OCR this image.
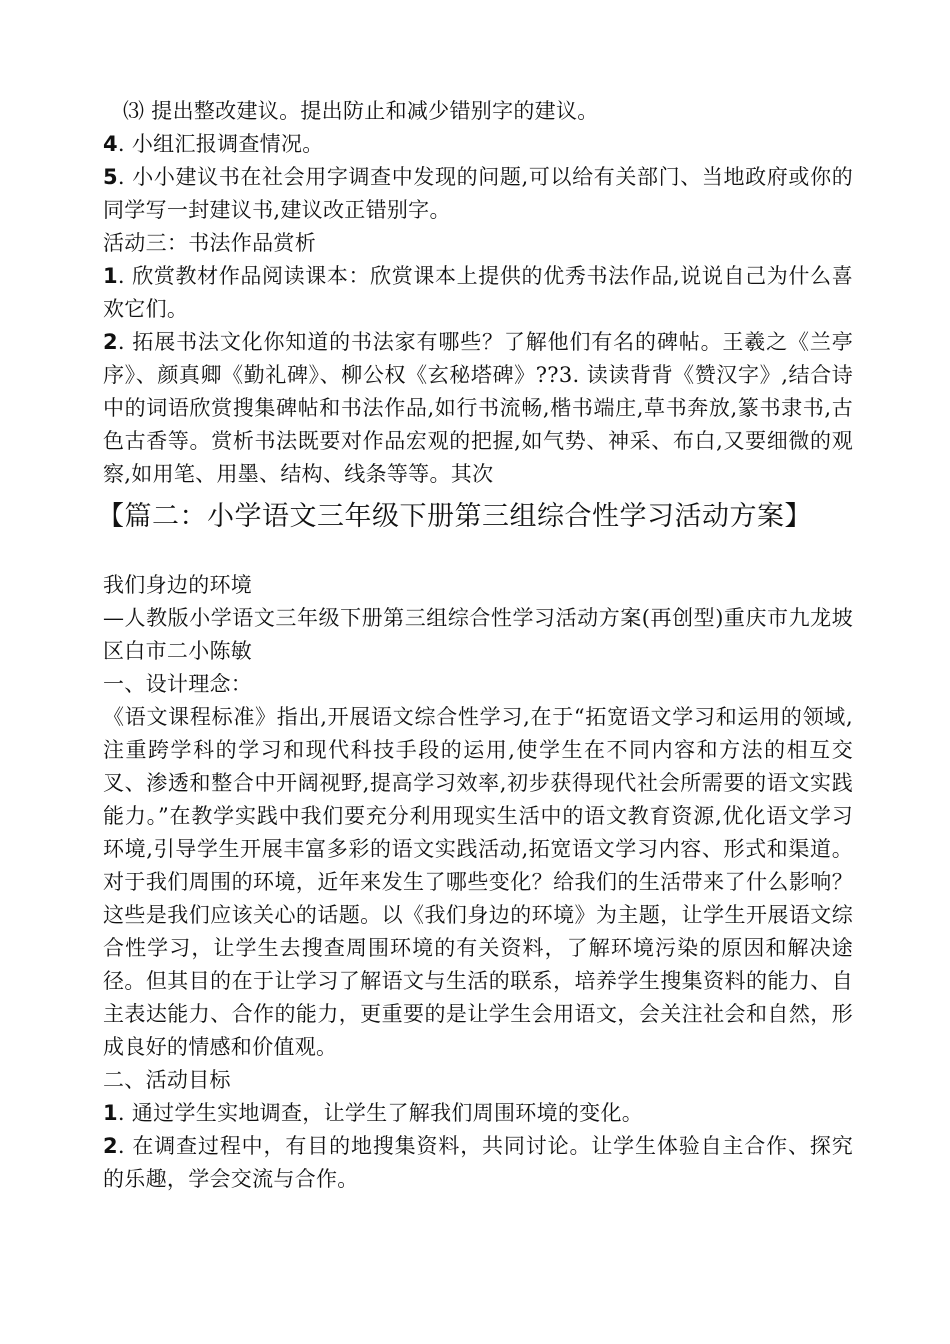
⑶ 提出整改建议。提出防止和减少错别字的建议。

4. 小组汇报调查情况。

5. 小小建议书在社会用字调查中发现的问题,可以给有关部门、当地政府或你的同学写一封建议书,建议改正错别字。

活动三：书法作品赏析

1. 欣赏教材作品阅读课本：欣赏课本上提供的优秀书法作品,说说自己为什么喜欢它们。

2. 拓展书法文化你知道的书法家有哪些？了解他们有名的碑帖。王羲之《兰亭序》、颜真卿《勤礼碑》、柳公权《玄秘塔碑》??3. 读读背背《赞汉字》,结合诗中的词语欣赏搜集碑帖和书法作品,如行书流畅,楷书端庄,草书奔放,篆书隶书,古色古香等。赏析书法既要对作品宏观的把握,如气势、神采、布白,又要细微的观察,如用笔、用墨、结构、线条等等。其次

【篇二：小学语文三年级下册第三组综合性学习活动方案】

我们身边的环境

—人教版小学语文三年级下册第三组综合性学习活动方案(再创型)重庆市九龙坡区白市二小陈敏

一、设计理念：

《语文课程标准》指出,开展语文综合性学习,在于“拓宽语文学习和运用的领域,注重跨学科的学习和现代科技手段的运用,使学生在不同内容和方法的相互交叉、渗透和整合中开阔视野,提高学习效率,初步获得现代社会所需要的语文实践能力。”在教学实践中我们要充分利用现实生活中的语文教育资源,优化语文学习环境,引导学生开展丰富多彩的语文实践活动,拓宽语文学习内容、形式和渠道。对于我们周围的环境，近年来发生了哪些变化？给我们的生活带来了什么影响？这些是我们应该关心的话题。以《我们身边的环境》为主题，让学生开展语文综合性学习，让学生去搜查周围环境的有关资料，了解环境污染的原因和解决途径。但其目的在于让学习了解语文与生活的联系，培养学生搜集资料的能力、自主表达能力、合作的能力，更重要的是让学生会用语文，会关注社会和自然，形成良好的情感和价值观。

二、活动目标

1. 通过学生实地调查，让学生了解我们周围环境的变化。

2. 在调查过程中，有目的地搜集资料，共同讨论。让学生体验自主合作、探究的乐趣，学会交流与合作。
